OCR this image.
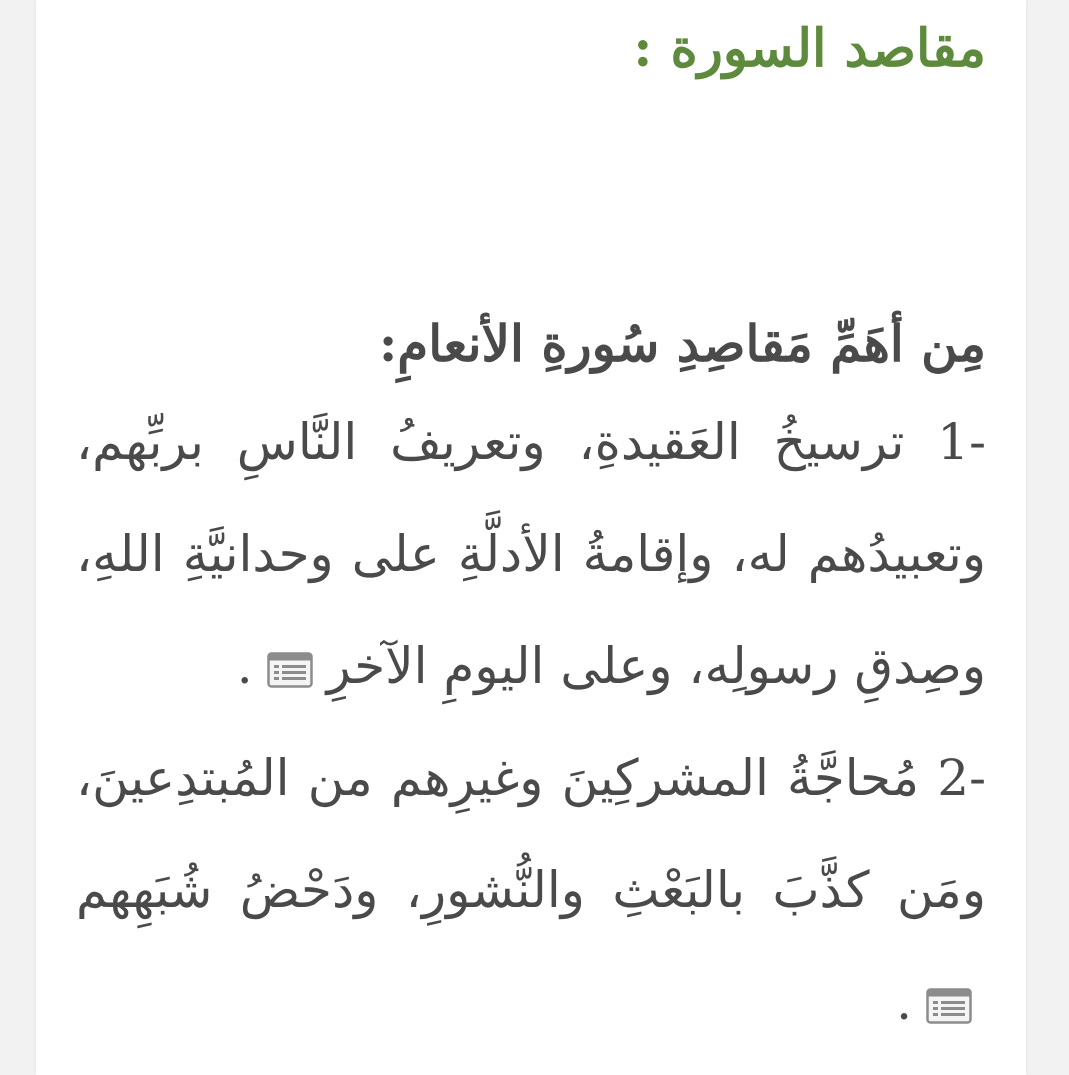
مقاصد السورة :

مِن أهَمِّ مَقاصِدِ سُورةِ الأنعامِ:

1- ترسيخُ العَقيدةِ، وتعريفُ النَّاسِ بربِّهم، وتعبيدُهم له، وإقامةُ الأدلَّةِ على وحدانيَّةِ اللهِ، وصِدقِ رسولِه، وعلى اليومِ الآخرِ
.

2- مُحاجَّةُ المشركِينَ وغيرِهم من المُبتدِعينَ، ومَن كذَّبَ بالبَعْثِ والنُّشورِ، ودَحْضُ شُبَهِهم
.
